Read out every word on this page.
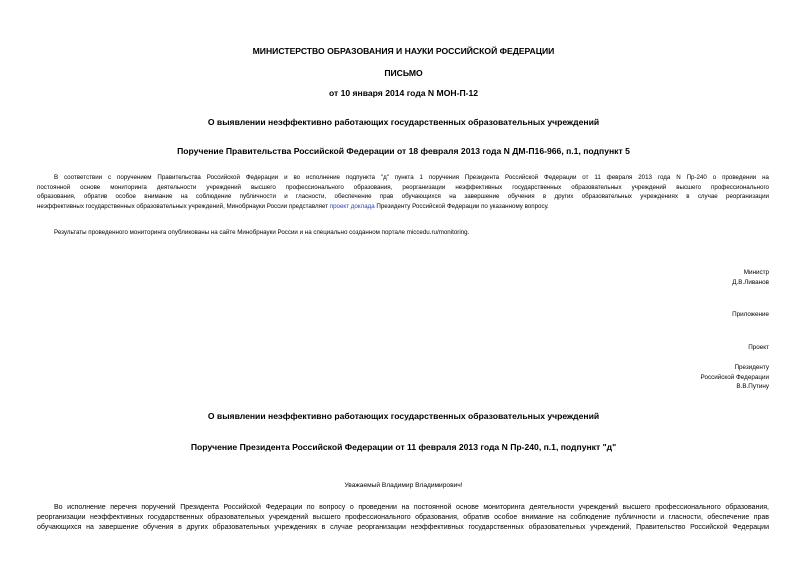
МИНИСТЕРСТВО ОБРАЗОВАНИЯ И НАУКИ РОССИЙСКОЙ ФЕДЕРАЦИИ
ПИСЬМО
от 10 января 2014 года N МОН-П-12
О выявлении неэффективно работающих государственных образовательных учреждений
Поручение Правительства Российской Федерации от 18 февраля 2013 года N ДМ-П16-966, п.1, подпункт 5
В соответствии с поручением Правительства Российской Федерации и во исполнение подпункта "д" пункта 1 поручения Президента Российской Федерации от 11 февраля 2013 года N Пр-240 о проведении на
постоянной основе мониторинга деятельности учреждений высшего профессионального образования, реорганизации неэффективных государственных образовательных учреждений высшего профессионального
образования, обратив особое внимание на соблюдение публичности и гласности, обеспечение прав обучающихся на завершение обучения в других образовательных учреждениях в случае реорганизации
неэффективных государственных образовательных учреждений, Минобрнауки России представляет проект доклада Президенту Российской Федерации по указанному вопросу.
Результаты проведенного мониторинга опубликованы на сайте Минобрнауки России и на специально созданном портале miccedu.ru/monitoring.
Министр
Д.В.Ливанов
Приложение
Проект
Президенту
Российской Федерации
В.В.Путину
О выявлении неэффективно работающих государственных образовательных учреждений
Поручение Президента Российской Федерации от 11 февраля 2013 года N Пр-240, п.1, подпункт "д"
Уважаемый Владимир Владимирович!
Во исполнение перечня поручений Президента Российской Федерации по вопросу о проведении на постоянной основе мониторинга деятельности учреждений высшего профессионального образования,
реорганизации неэффективных государственных образовательных учреждений высшего профессионального образования, обратив особое внимание на соблюдение публичности и гласности, обеспечение прав
обучающихся на завершение обучения в других образовательных учреждениях в случае реорганизации неэффективных государственных образовательных учреждений, Правительство Российской Федерации
